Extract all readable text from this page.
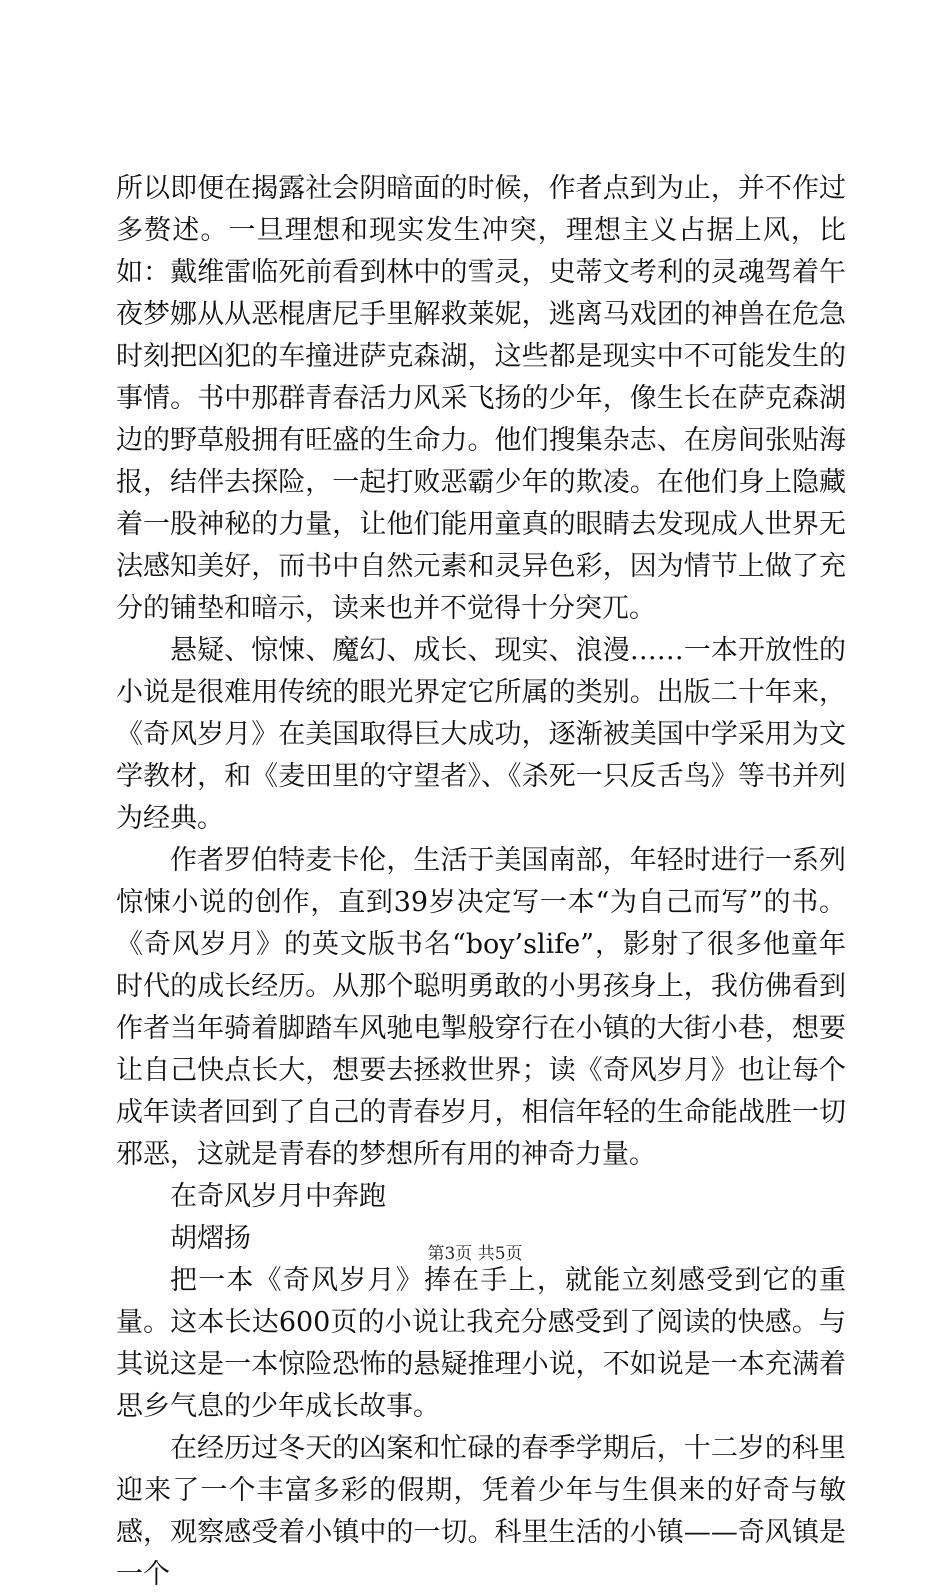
所以即便在揭露社会阴暗面的时候，作者点到为止，并不作过多赘述。一旦理想和现实发生冲突，理想主义占据上风，比如：戴维雷临死前看到林中的雪灵，史蒂文考利的灵魂驾着午夜梦娜从从恶棍唐尼手里解救莱妮，逃离马戏团的神兽在危急时刻把凶犯的车撞进萨克森湖，这些都是现实中不可能发生的事情。书中那群青春活力风采飞扬的少年，像生长在萨克森湖边的野草般拥有旺盛的生命力。他们搜集杂志、在房间张贴海报，结伴去探险，一起打败恶霸少年的欺凌。在他们身上隐藏着一股神秘的力量，让他们能用童真的眼睛去发现成人世界无法感知美好，而书中自然元素和灵异色彩，因为情节上做了充分的铺垫和暗示，读来也并不觉得十分突兀。

悬疑、惊悚、魔幻、成长、现实、浪漫……一本开放性的小说是很难用传统的眼光界定它所属的类别。出版二十年来，《奇风岁月》在美国取得巨大成功，逐渐被美国中学采用为文学教材，和《麦田里的守望者》、《杀死一只反舌鸟》等书并列为经典。

作者罗伯特麦卡伦，生活于美国南部，年轻时进行一系列惊悚小说的创作，直到39岁决定写一本“为自己而写”的书。《奇风岁月》的英文版书名“boy’slife”，影射了很多他童年时代的成长经历。从那个聪明勇敢的小男孩身上，我仿佛看到作者当年骑着脚踏车风驰电掣般穿行在小镇的大街小巷，想要让自己快点长大，想要去拯救世界；读《奇风岁月》也让每个成年读者回到了自己的青春岁月，相信年轻的生命能战胜一切邪恶，这就是青春的梦想所有用的神奇力量。

在奇风岁月中奔跑

胡熠扬

把一本《奇风岁月》捧在手上，就能立刻感受到它的重量。这本长达600页的小说让我充分感受到了阅读的快感。与其说这是一本惊险恐怖的悬疑推理小说，不如说是一本充满着思乡气息的少年成长故事。

在经历过冬天的凶案和忙碌的春季学期后，十二岁的科里迎来了一个丰富多彩的假期，凭着少年与生俱来的好奇与敏感，观察感受着小镇中的一切。科里生活的小镇——奇风镇是一个

第3页 共5页
